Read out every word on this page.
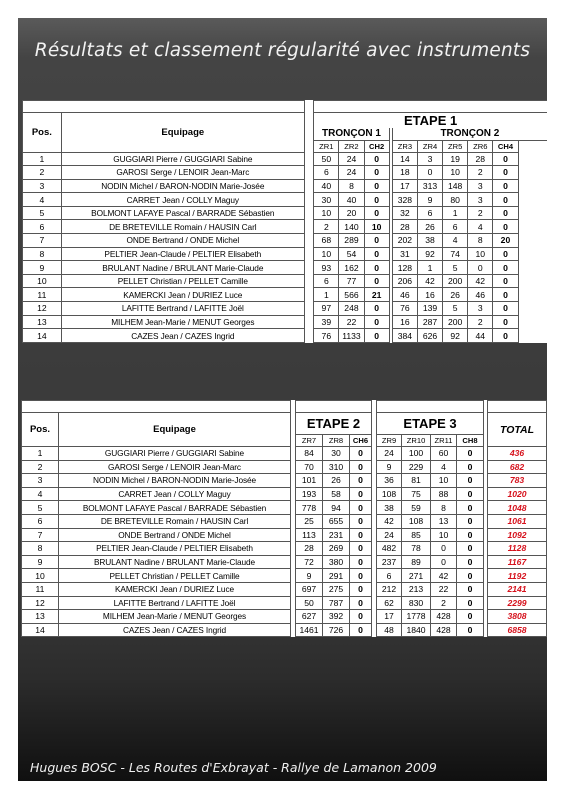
Résultats et classement régularité avec instruments

Pos.	Equipage		ETAPE 1								
			TRONÇON 1				TRONÇON 2				
			ZR1	ZR2	CH2		ZR3	ZR4	ZR5	ZR6	CH4
1	GUGGIARI Pierre / GUGGIARI Sabine		50	24	0		14	3	19	28	0
2	GAROSI Serge / LENOIR Jean-Marc		6	24	0		18	0	10	2	0
3	NODIN Michel / BARON-NODIN Marie-Josée		40	8	0		17	313	148	3	0
4	CARRET Jean / COLLY Maguy		30	40	0		328	9	80	3	0
5	BOLMONT LAFAYE Pascal / BARRADE Sébastien		10	20	0		32	6	1	2	0
6	DE BRETEVILLE Romain / HAUSIN Carl		2	140	10		28	26	6	4	0
7	ONDE Bertrand / ONDE Michel		68	289	0		202	38	4	8	20
8	PELTIER Jean-Claude / PELTIER Elisabeth		10	54	0		31	92	74	10	0
9	BRULANT Nadine / BRULANT Marie-Claude		93	162	0		128	1	5	0	0
10	PELLET Christian / PELLET Camille		6	77	0		206	42	200	42	0
11	KAMERCKI Jean / DURIEZ Luce		1	566	21		46	16	26	46	0
12	LAFITTE Bertrand / LAFITTE Joël		97	248	0		76	139	5	3	0
13	MILHEM Jean-Marie / MENUT Georges		39	22	0		16	287	200	2	0
14	CAZES Jean / CAZES Ingrid		76	1133	0		384	626	92	44	0

Pos.	Equipage		ETAPE 2				ETAPE 3					TOTAL
			ZR7	ZR8	CH6		ZR9	ZR10	ZR11	CH8		
1	GUGGIARI Pierre / GUGGIARI Sabine		84	30	0		24	100	60	0		436
2	GAROSI Serge / LENOIR Jean-Marc		70	310	0		9	229	4	0		682
3	NODIN Michel / BARON-NODIN Marie-Josée		101	26	0		36	81	10	0		783
4	CARRET Jean / COLLY Maguy		193	58	0		108	75	88	0		1020
5	BOLMONT LAFAYE Pascal / BARRADE Sébastien		778	94	0		38	59	8	0		1048
6	DE BRETEVILLE Romain / HAUSIN Carl		25	655	0		42	108	13	0		1061
7	ONDE Bertrand / ONDE Michel		113	231	0		24	85	10	0		1092
8	PELTIER Jean-Claude / PELTIER Elisabeth		28	269	0		482	78	0	0		1128
9	BRULANT Nadine / BRULANT Marie-Claude		72	380	0		237	89	0	0		1167
10	PELLET Christian / PELLET Camille		9	291	0		6	271	42	0		1192
11	KAMERCKI Jean / DURIEZ Luce		697	275	0		212	213	22	0		2141
12	LAFITTE Bertrand / LAFITTE Joël		50	787	0		62	830	2	0		2299
13	MILHEM Jean-Marie / MENUT Georges		627	392	0		17	1778	428	0		3808
14	CAZES Jean / CAZES Ingrid		1461	726	0		48	1840	428	0		6858
Hugues BOSC - Les Routes d'Exbrayat - Rallye de Lamanon 2009
